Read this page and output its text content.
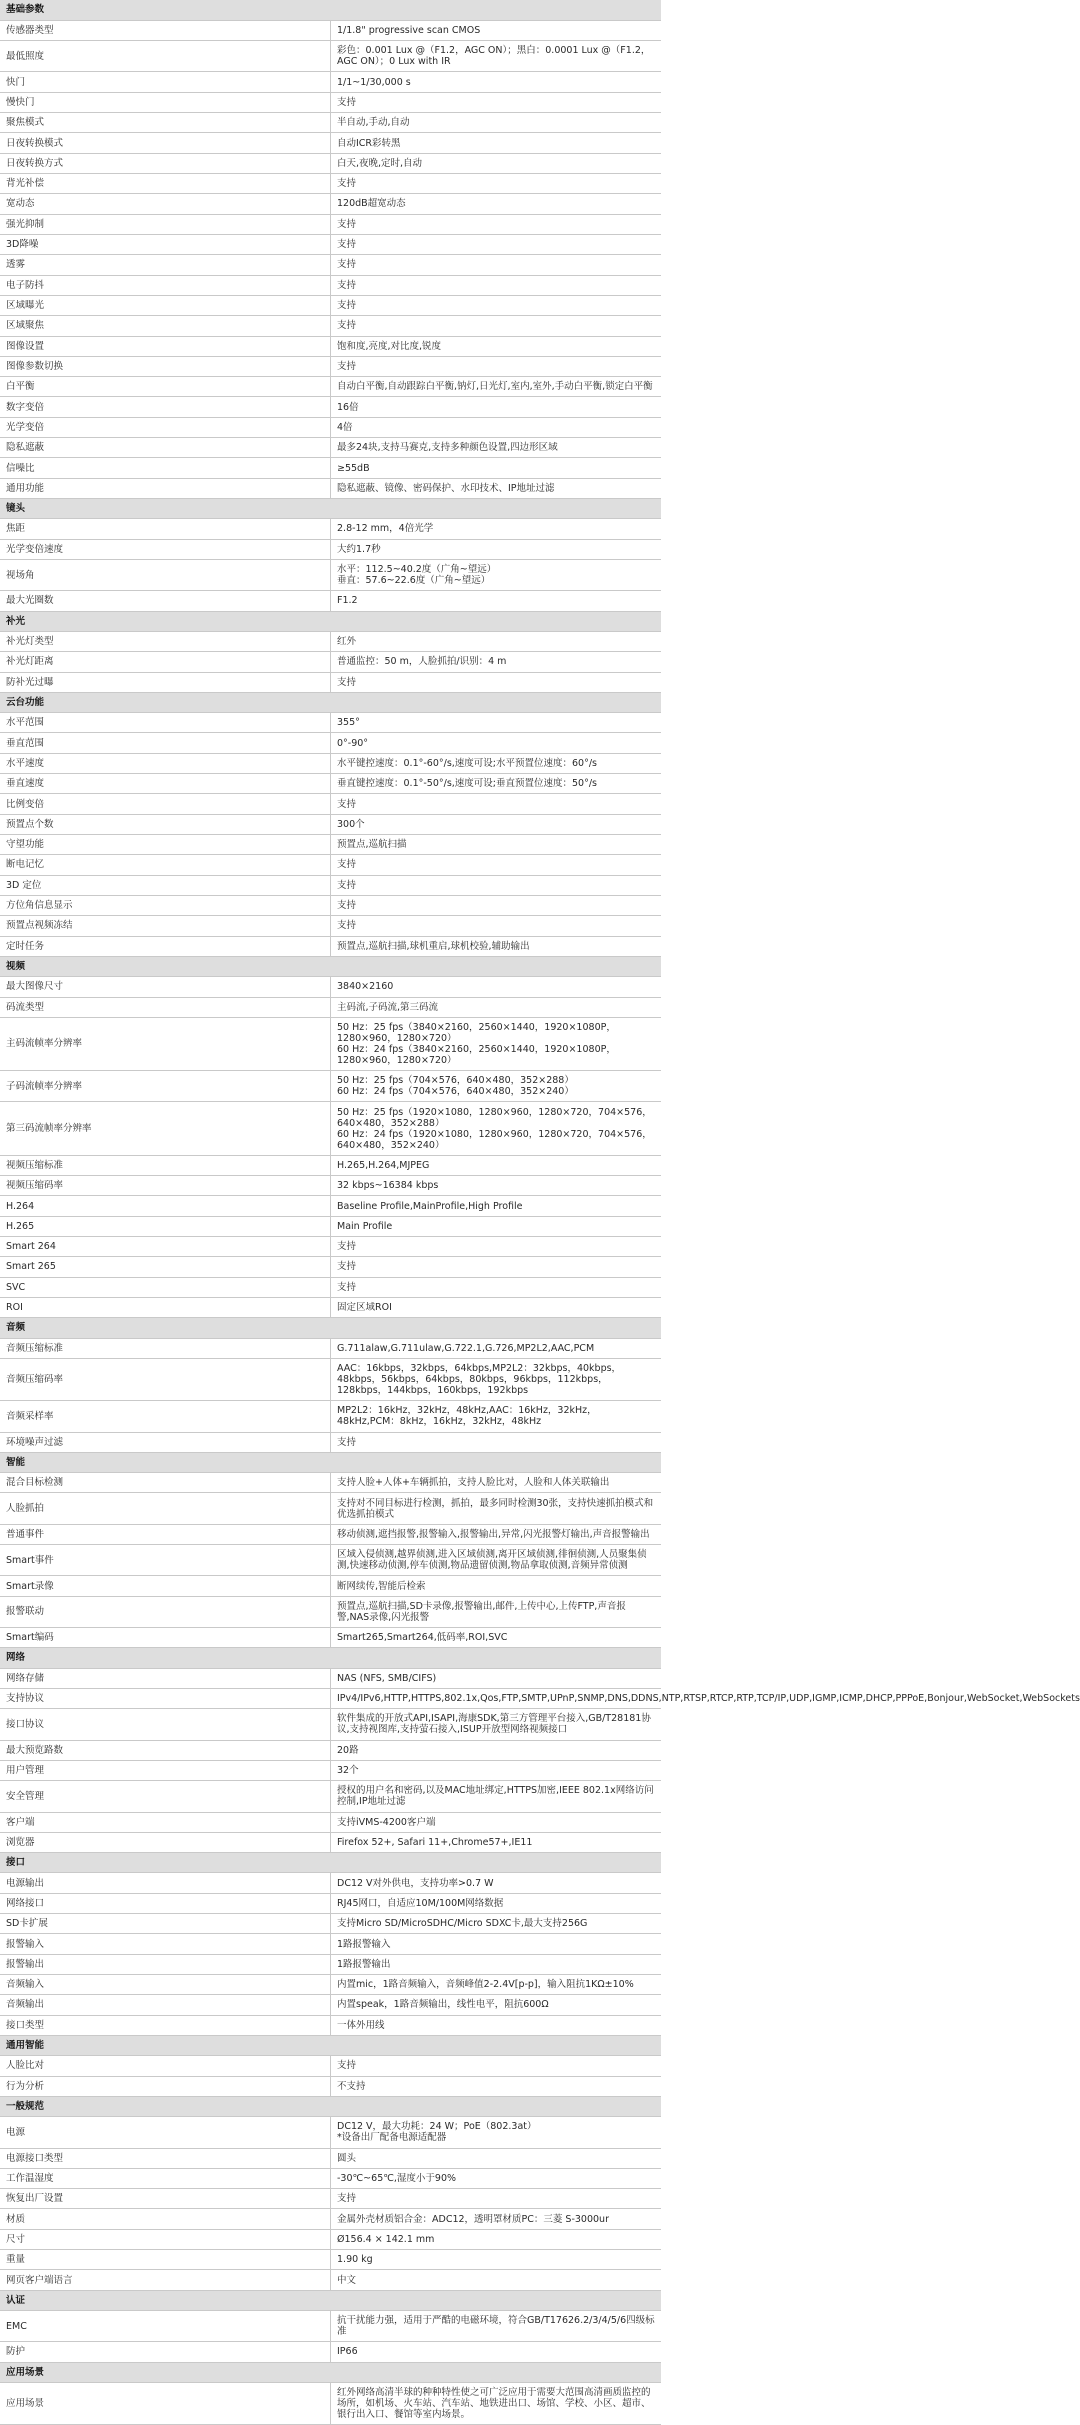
基础参数	
传感器类型	1/1.8" progressive scan CMOS
最低照度	彩色：0.001 Lux @（F1.2，AGC ON）；黑白：0.0001 Lux @（F1.2，AGC ON）；0 Lux with IR
快门	1/1~1/30,000 s
慢快门	支持
聚焦模式	半自动,手动,自动
日夜转换模式	自动ICR彩转黑
日夜转换方式	白天,夜晚,定时,自动
背光补偿	支持
宽动态	120dB超宽动态
强光抑制	支持
3D降噪	支持
透雾	支持
电子防抖	支持
区域曝光	支持
区域聚焦	支持
图像设置	饱和度,亮度,对比度,锐度
图像参数切换	支持
白平衡	自动白平衡,自动跟踪白平衡,钠灯,日光灯,室内,室外,手动白平衡,锁定白平衡
数字变倍	16倍
光学变倍	4倍
隐私遮蔽	最多24块,支持马赛克,支持多种颜色设置,四边形区域
信噪比	≥55dB
通用功能	隐私遮蔽、镜像、密码保护、水印技术、IP地址过滤
镜头	
焦距	2.8-12 mm，4倍光学
光学变倍速度	大约1.7秒
视场角	水平：112.5~40.2度（广角~望远）
垂直：57.6~22.6度（广角~望远）
最大光圈数	F1.2
补光	
补光灯类型	红外
补光灯距离	普通监控：50 m，人脸抓拍/识别：4 m
防补光过曝	支持
云台功能	
水平范围	355°
垂直范围	0°-90°
水平速度	水平键控速度：0.1°-60°/s,速度可设;水平预置位速度：60°/s
垂直速度	垂直键控速度：0.1°-50°/s,速度可设;垂直预置位速度：50°/s
比例变倍	支持
预置点个数	300个
守望功能	预置点,巡航扫描
断电记忆	支持
3D 定位	支持
方位角信息显示	支持
预置点视频冻结	支持
定时任务	预置点,巡航扫描,球机重启,球机校验,辅助输出
视频	
最大图像尺寸	3840×2160
码流类型	主码流,子码流,第三码流
主码流帧率分辨率	50 Hz：25 fps（3840×2160，2560×1440，1920×1080P，1280×960，1280×720）
60 Hz：24 fps（3840×2160，2560×1440，1920×1080P，1280×960，1280×720）
子码流帧率分辨率	50 Hz：25 fps（704×576，640×480，352×288）
60 Hz：24 fps（704×576，640×480，352×240）
第三码流帧率分辨率	50 Hz：25 fps（1920×1080，1280×960，1280×720，704×576，640×480，352×288）
60 Hz：24 fps（1920×1080，1280×960，1280×720，704×576，640×480，352×240）
视频压缩标准	H.265,H.264,MJPEG
视频压缩码率	32 kbps~16384 kbps
H.264	Baseline Profile,MainProfile,High Profile
H.265	Main Profile
Smart 264	支持
Smart 265	支持
SVC	支持
ROI	固定区域ROI
音频	
音频压缩标准	G.711alaw,G.711ulaw,G.722.1,G.726,MP2L2,AAC,PCM
音频压缩码率	AAC：16kbps，32kbps，64kbps,MP2L2：32kbps，40kbps，48kbps，56kbps，64kbps，80kbps，96kbps，112kbps，128kbps，144kbps，160kbps，192kbps
音频采样率	MP2L2：16kHz，32kHz，48kHz,AAC：16kHz，32kHz，48kHz,PCM：8kHz，16kHz，32kHz，48kHz
环境噪声过滤	支持
智能	
混合目标检测	支持人脸+人体+车辆抓拍，支持人脸比对，人脸和人体关联输出
人脸抓拍	支持对不同目标进行检测，抓拍，最多同时检测30张，支持快速抓拍模式和优选抓拍模式
普通事件	移动侦测,遮挡报警,报警输入,报警输出,异常,闪光报警灯输出,声音报警输出
Smart事件	区域入侵侦测,越界侦测,进入区域侦测,离开区域侦测,徘徊侦测,人员聚集侦测,快速移动侦测,停车侦测,物品遗留侦测,物品拿取侦测,音频异常侦测
Smart录像	断网续传,智能后检索
报警联动	预置点,巡航扫描,SD卡录像,报警输出,邮件,上传中心,上传FTP,声音报警,NAS录像,闪光报警
Smart编码	Smart265,Smart264,低码率,ROI,SVC
网络	
网络存储	NAS (NFS, SMB/CIFS)
支持协议	IPv4/IPv6,HTTP,HTTPS,802.1x,Qos,FTP,SMTP,UPnP,SNMP,DNS,DDNS,NTP,RTSP,RTCP,RTP,TCP/IP,UDP,IGMP,ICMP,DHCP,PPPoE,Bonjour,WebSocket,WebSockets
接口协议	软件集成的开放式API,ISAPI,海康SDK,第三方管理平台接入,GB/T28181协议,支持视图库,支持萤石接入,ISUP开放型网络视频接口
最大预览路数	20路
用户管理	32个
安全管理	授权的用户名和密码,以及MAC地址绑定,HTTPS加密,IEEE 802.1x网络访问控制,IP地址过滤
客户端	支持iVMS-4200客户端
浏览器	Firefox 52+, Safari 11+,Chrome57+,IE11
接口	
电源输出	DC12 V对外供电，支持功率>0.7 W
网络接口	RJ45网口，自适应10M/100M网络数据
SD卡扩展	支持Micro SD/MicroSDHC/Micro SDXC卡,最大支持256G
报警输入	1路报警输入
报警输出	1路报警输出
音频输入	内置mic，1路音频输入，音频峰值2-2.4V[p-p]，输入阻抗1KΩ±10%
音频输出	内置speak，1路音频输出，线性电平，阻抗600Ω
接口类型	一体外用线
通用智能	
人脸比对	支持
行为分析	不支持
一般规范	
电源	DC12 V，最大功耗：24 W；PoE（802.3at）
*设备出厂配备电源适配器
电源接口类型	圆头
工作温湿度	-30℃~65℃,湿度小于90%
恢复出厂设置	支持
材质	金属外壳材质铝合金：ADC12，透明罩材质PC：三菱 S-3000ur
尺寸	Ø156.4 × 142.1 mm
重量	1.90 kg
网页客户端语言	中文
认证	
EMC	抗干扰能力强，适用于严酷的电磁环境，符合GB/T17626.2/3/4/5/6四级标准
防护	IP66
应用场景	
应用场景	红外网络高清半球的种种特性使之可广泛应用于需要大范围高清画质监控的场所，如机场、火车站、汽车站、地铁进出口、场馆、学校、小区、超市、银行出入口、餐馆等室内场景。
